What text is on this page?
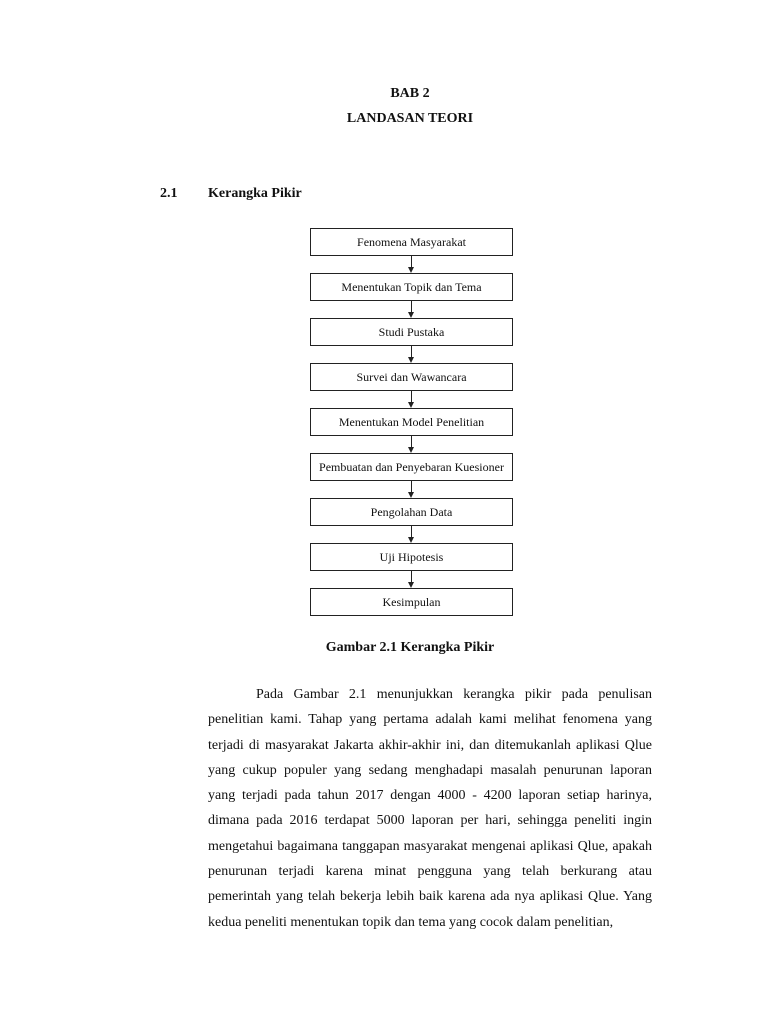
BAB 2
LANDASAN TEORI
2.1 Kerangka Pikir
Fenomena Masyarakat
Menentukan Topik dan Tema
Studi Pustaka
Survei dan Wawancara
Menentukan Model Penelitian
Pembuatan dan Penyebaran Kuesioner
Pengolahan Data
Uji Hipotesis
Kesimpulan
Gambar 2.1 Kerangka Pikir

Pada Gambar 2.1 menunjukkan kerangka pikir pada penulisan penelitian kami. Tahap yang pertama adalah kami melihat fenomena yang terjadi di masyarakat Jakarta akhir-akhir ini, dan ditemukanlah aplikasi Qlue yang cukup populer yang sedang menghadapi masalah penurunan laporan yang terjadi pada tahun 2017 dengan 4000 - 4200 laporan setiap harinya, dimana pada 2016 terdapat 5000 laporan per hari, sehingga peneliti ingin mengetahui bagaimana tanggapan masyarakat mengenai aplikasi Qlue, apakah penurunan terjadi karena minat pengguna yang telah berkurang atau pemerintah yang telah bekerja lebih baik karena ada nya aplikasi Qlue. Yang kedua peneliti menentukan topik dan tema yang cocok dalam penelitian,
